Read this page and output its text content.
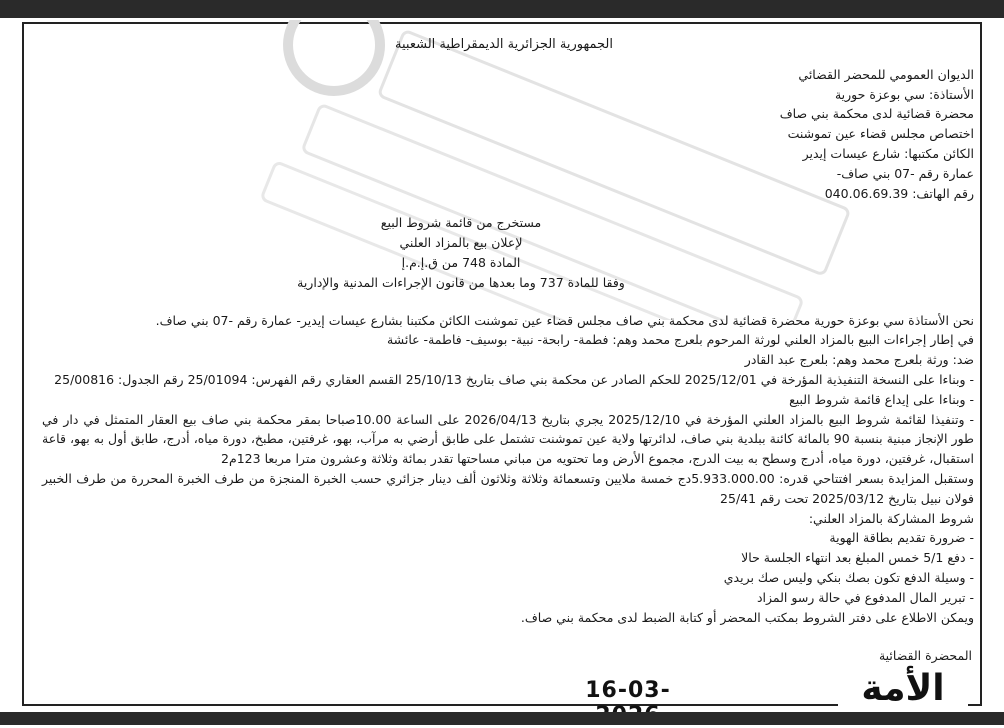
الجمهورية الجزائرية الديمقراطية الشعبية
الديوان العمومي للمحضر القضائي
الأستاذة: سي بوعزة حورية
محضرة قضائية لدى محكمة بني صاف
اختصاص مجلس قضاء عين تموشنت
الكائن مكتبها: شارع عيسات إيدير
عمارة رقم -07 بني صاف-
رقم الهاتف: 040.06.69.39
مستخرج من قائمة شروط البيع
لإعلان بيع بالمزاد العلني
المادة 748 من ق.إ.م.إ
وفقا للمادة 737 وما بعدها من قانون الإجراءات المدنية والإدارية
نحن الأستاذة سي بوعزة حورية محضرة قضائية لدى محكمة بني صاف مجلس قضاء عين تموشنت الكائن مكتبنا بشارع عيسات إيدير- عمارة رقم -07 بني صاف.
في إطار إجراءات البيع بالمزاد العلني لورثة المرحوم بلعرج محمد وهم: فطمة- رابحة- نبية- بوسيف- فاطمة- عائشة
ضد: ورثة بلعرج محمد وهم: بلعرج عبد القادر
- وبناءا على النسخة التنفيذية المؤرخة في 2025/12/01 للحكم الصادر عن محكمة بني صاف بتاريخ 25/10/13 القسم العقاري رقم الفهرس: 25/01094 رقم الجدول: 25/00816
- وبناءا على إيداع قائمة شروط البيع
- وتنفيذا لقائمة شروط البيع بالمزاد العلني المؤرخة في 2025/12/10 يجري بتاريخ 2026/04/13 على الساعة 10.00صباحا بمقر محكمة بني صاف بيع العقار المتمثل في دار في طور الإنجاز مبنية بنسبة 90 بالمائة كائنة ببلدية بني صاف، لدائرتها ولاية عين تموشنت تشتمل على طابق أرضي به مرآب، بهو، غرفتين، مطبخ، دورة مياه، أدرج، طابق أول به بهو، قاعة استقبال، غرفتين، دورة مياه، أدرج وسطح به بيت الدرج، مجموع الأرض وما تحتويه من مباني مساحتها تقدر بمائة وثلاثة وعشرون مترا مربعا 123م2
وستقبل المزايدة بسعر افتتاحي قدره: 5.933.000.00دج خمسة ملايين وتسعمائة وثلاثة وثلاثون ألف دينار جزائري حسب الخبرة المنجزة من طرف الخبرة المحررة من طرف الخبير فولان نبيل بتاريخ 2025/03/12 تحت رقم 25/41
شروط المشاركة بالمزاد العلني:
- ضرورة تقديم بطاقة الهوية
- دفع 5/1 خمس المبلغ بعد انتهاء الجلسة حالا
- وسيلة الدفع تكون بصك بنكي وليس صك بريدي
- تبرير المال المدفوع في حالة رسو المزاد
ويمكن الاطلاع على دفتر الشروط بمكتب المحضر أو كتابة الضبط لدى محكمة بني صاف.
المحضرة القضائية
16-03-	الأمة
